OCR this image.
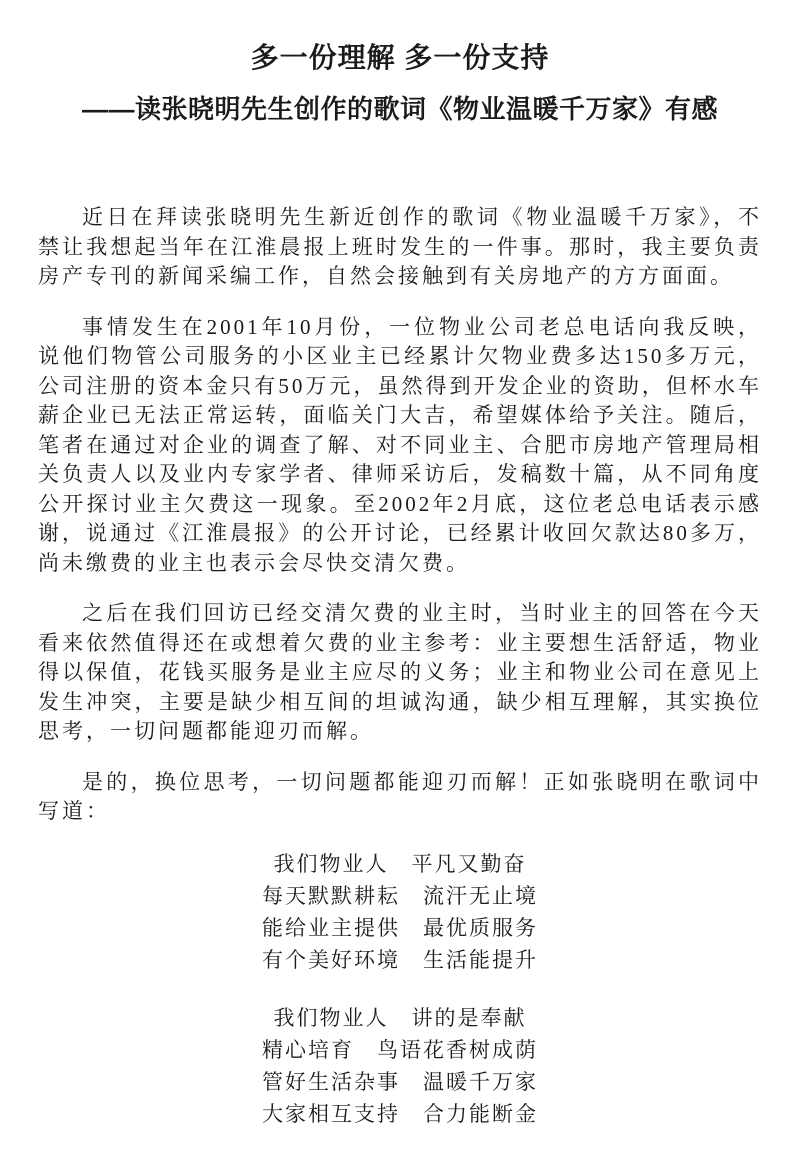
多一份理解 多一份支持
——读张晓明先生创作的歌词《物业温暖千万家》有感

近日在拜读张晓明先生新近创作的歌词《物业温暖千万家》，不禁让我想起当年在江淮晨报上班时发生的一件事。那时，我主要负责房产专刊的新闻采编工作，自然会接触到有关房地产的方方面面。

事情发生在2001年10月份，一位物业公司老总电话向我反映，说他们物管公司服务的小区业主已经累计欠物业费多达150多万元，公司注册的资本金只有50万元，虽然得到开发企业的资助，但杯水车薪企业已无法正常运转，面临关门大吉，希望媒体给予关注。随后，笔者在通过对企业的调查了解、对不同业主、合肥市房地产管理局相关负责人以及业内专家学者、律师采访后，发稿数十篇，从不同角度公开探讨业主欠费这一现象。至2002年2月底，这位老总电话表示感谢，说通过《江淮晨报》的公开讨论，已经累计收回欠款达80多万，尚未缴费的业主也表示会尽快交清欠费。

之后在我们回访已经交清欠费的业主时，当时业主的回答在今天看来依然值得还在或想着欠费的业主参考：业主要想生活舒适，物业得以保值，花钱买服务是业主应尽的义务；业主和物业公司在意见上发生冲突，主要是缺少相互间的坦诚沟通，缺少相互理解，其实换位思考，一切问题都能迎刃而解。

是的，换位思考，一切问题都能迎刃而解！正如张晓明在歌词中写道：

我们物业人　平凡又勤奋
每天默默耕耘　流汗无止境
能给业主提供　最优质服务
有个美好环境　生活能提升
我们物业人　讲的是奉献
精心培育　鸟语花香树成荫
管好生活杂事　温暖千万家
大家相互支持　合力能断金
